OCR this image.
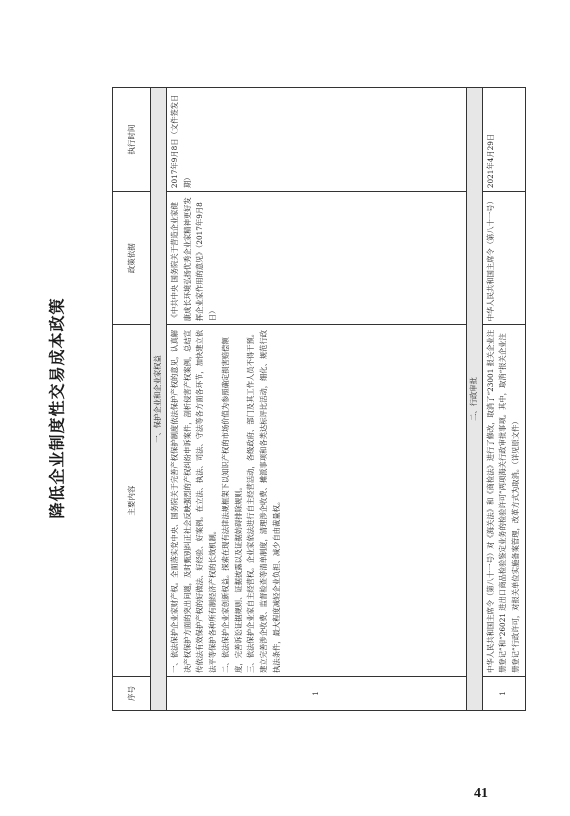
降低企业制度性交易成本政策
序号	主要内容	政策依据	执行时间
一、保护企业和企业家权益			
1	一、依法保护企业家财产权。全面落实党中央、国务院关于完善产权保护制度依法保护产权的意见，认真解决产权保护方面的突出问题，及时甄别纠正社会反映强烈的产权纠纷申诉案件，剖析侵害产权案例，总结宣传依法有效保护产权的好做法、好经验、好案例。在立法、执法、司法、守法等各方面各环节，加快建立依法平等保护各种所有制经济产权的长效机制。 二、依法保护企业家创新权益。探索在现有法律法规框架下以知识产权的市场价值为参照确定损害赔偿额度，完善诉讼证据规则、证据披露以及证据妨碍排除规则。 三、依法保护企业家自主经营权。企业家依法进行自主经营活动，各级政府、部门及其工作人员不得干预。建立完善涉企收费、监督检查等清单制度，清理涉企收费、摊派事项和各类达标评比活动，细化、规范行政执法条件，最大程度减轻企业负担、减少自由裁量权。	《中共中央 国务院关于营造企业家健康成长环境弘扬优秀企业家精神更好发挥企业家作用的意见》（2017年9月8日）	2017年9月8日（文件签发日期）
二、行政审批			
1	中华人民共和国主席令（第八十一号）对《海关法》和《商检法》进行了修改，取消了“23001 报关企业注册登记”和“26021 进出口商品检验鉴定业务的检验许可”两项海关行政审批事项。其中，取消“报关企业注册登记”行政许可，对报关单位实施备案管理，改革方式为取消。（详见原文件）	中华人民共和国主席令（第八十一号）	2021年4月29日
41
